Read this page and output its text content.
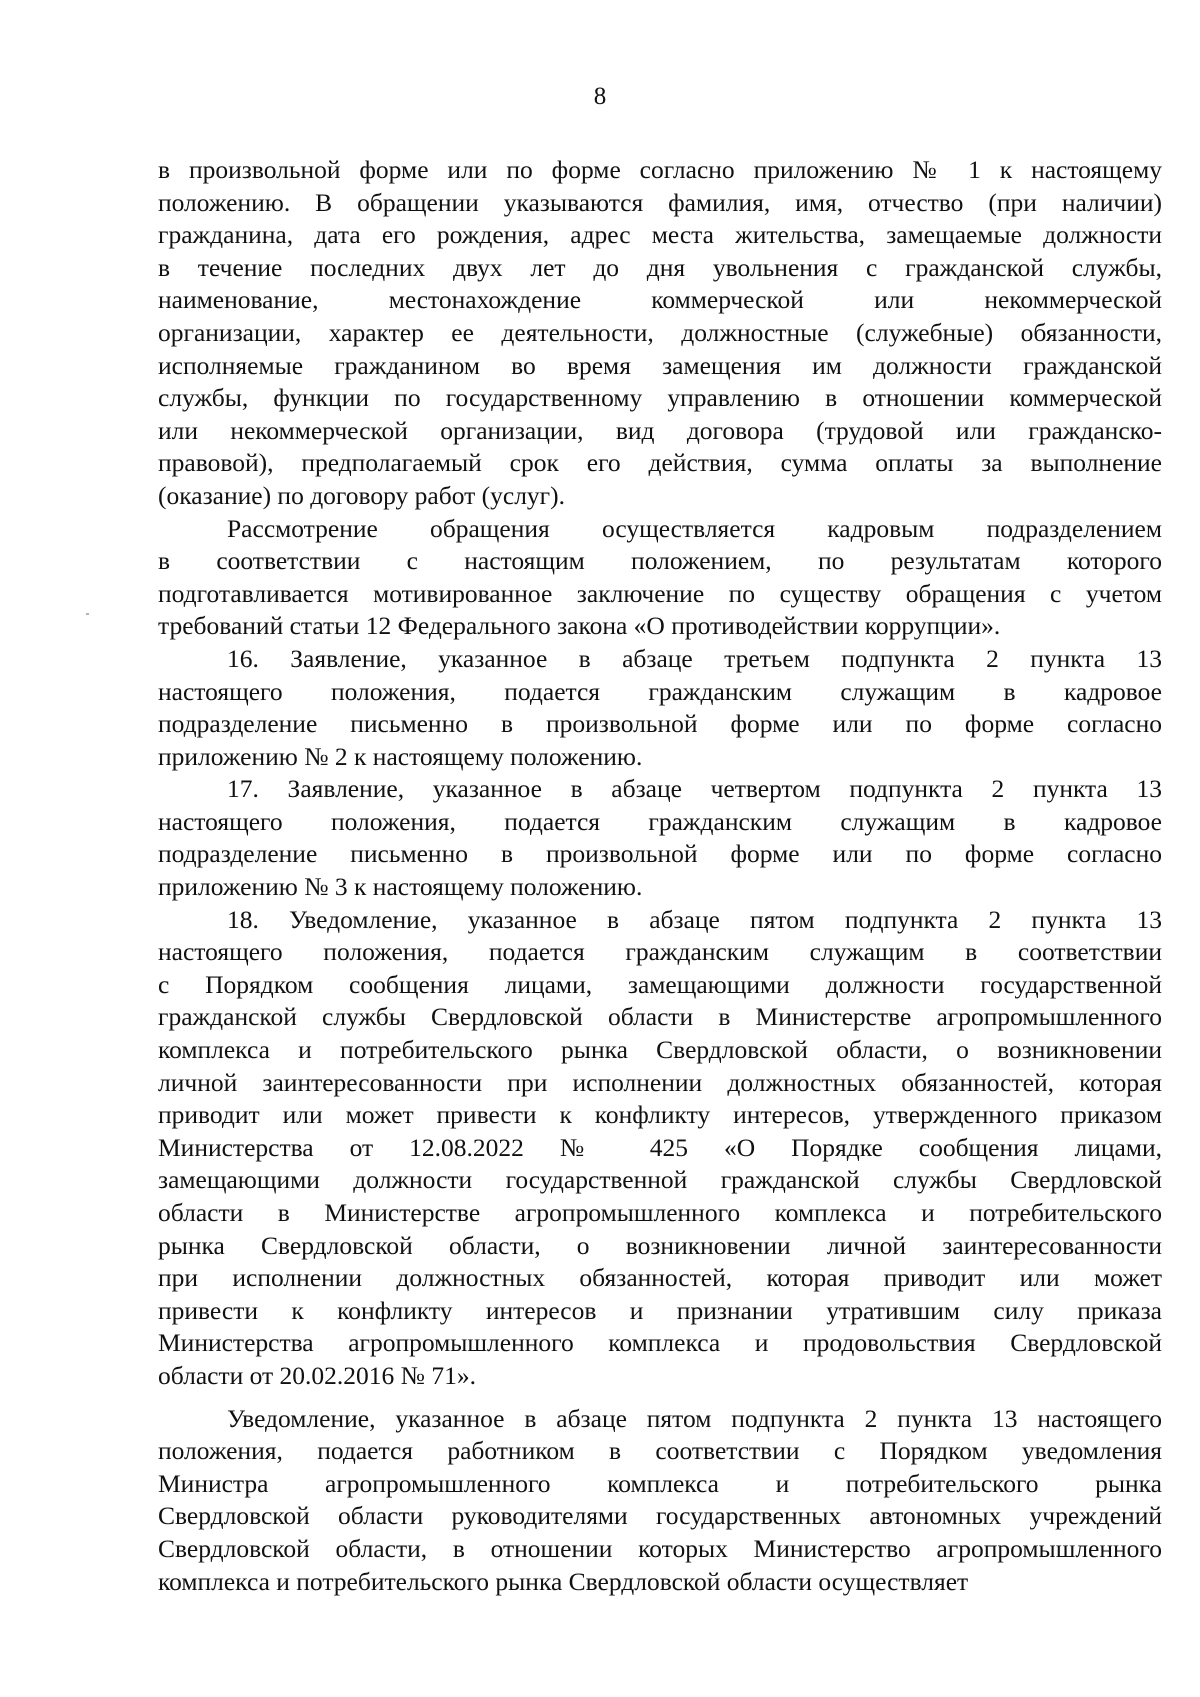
8
в произвольной форме или по форме согласно приложению № 1 к настоящему
положению. В обращении указываются фамилия, имя, отчество (при наличии)
гражданина, дата его рождения, адрес места жительства, замещаемые должности
в течение последних двух лет до дня увольнения с гражданской службы,
наименование, местонахождение коммерческой или некоммерческой
организации, характер ее деятельности, должностные (служебные) обязанности,
исполняемые гражданином во время замещения им должности гражданской
службы, функции по государственному управлению в отношении коммерческой
или некоммерческой организации, вид договора (трудовой или гражданско-
правовой), предполагаемый срок его действия, сумма оплаты за выполнение
(оказание) по договору работ (услуг).
Рассмотрение обращения осуществляется кадровым подразделением
в соответствии с настоящим положением, по результатам которого
подготавливается мотивированное заключение по существу обращения с учетом
требований статьи 12 Федерального закона «О противодействии коррупции».
16. Заявление, указанное в абзаце третьем подпункта 2 пункта 13
настоящего положения, подается гражданским служащим в кадровое
подразделение письменно в произвольной форме или по форме согласно
приложению № 2 к настоящему положению.
17. Заявление, указанное в абзаце четвертом подпункта 2 пункта 13
настоящего положения, подается гражданским служащим в кадровое
подразделение письменно в произвольной форме или по форме согласно
приложению № 3 к настоящему положению.
18. Уведомление, указанное в абзаце пятом подпункта 2 пункта 13
настоящего положения, подается гражданским служащим в соответствии
с Порядком сообщения лицами, замещающими должности государственной
гражданской службы Свердловской области в Министерстве агропромышленного
комплекса и потребительского рынка Свердловской области, о возникновении
личной заинтересованности при исполнении должностных обязанностей, которая
приводит или может привести к конфликту интересов, утвержденного приказом
Министерства от 12.08.2022 № 425 «О Порядке сообщения лицами,
замещающими должности государственной гражданской службы Свердловской
области в Министерстве агропромышленного комплекса и потребительского
рынка Свердловской области, о возникновении личной заинтересованности
при исполнении должностных обязанностей, которая приводит или может
привести к конфликту интересов и признании утратившим силу приказа
Министерства агропромышленного комплекса и продовольствия Свердловской
области от 20.02.2016 № 71».
Уведомление, указанное в абзаце пятом подпункта 2 пункта 13 настоящего
положения, подается работником в соответствии с Порядком уведомления
Министра агропромышленного комплекса и потребительского рынка
Свердловской области руководителями государственных автономных учреждений
Свердловской области, в отношении которых Министерство агропромышленного
комплекса и потребительского рынка Свердловской области осуществляет
